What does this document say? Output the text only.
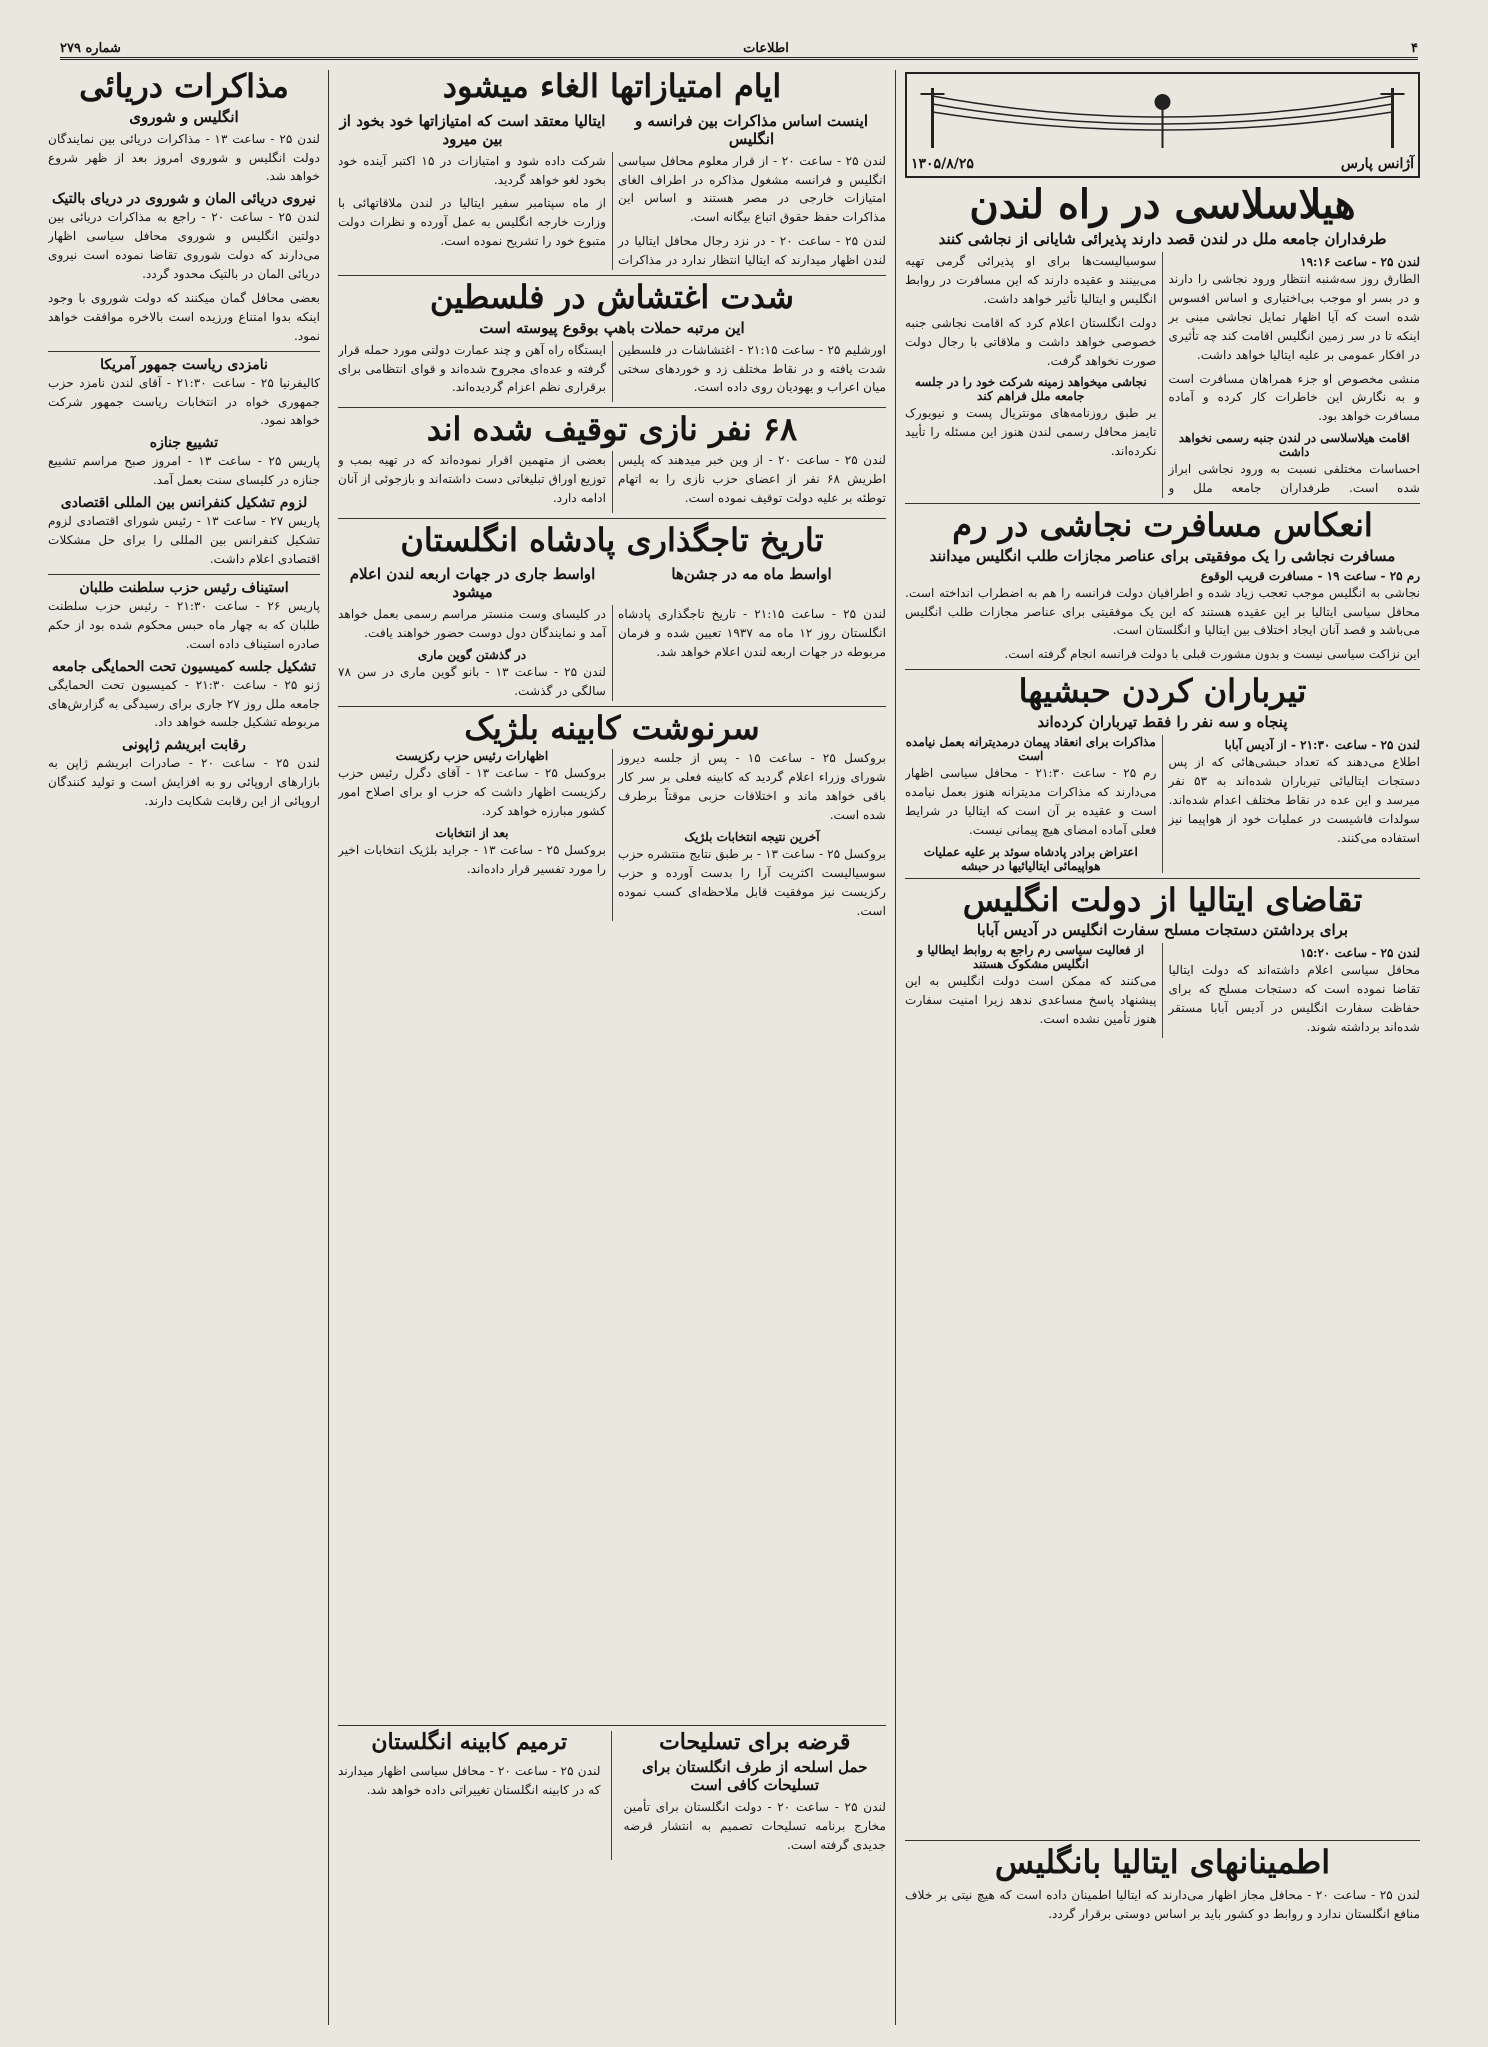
۴
اطلاعات
شماره ۲۷۹
آژانس پارس
۱۳۰۵/۸/۲۵
هیلاسلاسی در راه لندن
طرفداران جامعه ملل در لندن قصد دارند پذیرائی شایانی از نجاشی کنند
لندن ۲۵ - ساعت ۱۹:۱۶
الطارق روز سه‌شنبه انتظار ورود نجاشی را دارند و در بسر او موجب بی‌اختیاری و اساس افسوس شده است که آیا اظهار تمایل نجاشی مبنی بر اینکه تا در سر زمین انگلیس اقامت کند چه تأثیری در افکار عمومی بر علیه ایتالیا خواهد داشت.
منشی مخصوص او جزء همراهان مسافرت است و به نگارش این خاطرات کار کرده و آماده مسافرت خواهد بود.
اقامت هیلاسلاسی در لندن جنبه رسمی نخواهد داشت
احساسات مختلفی نسبت به ورود نجاشی ابراز شده است. طرفداران جامعه ملل و سوسیالیست‌ها برای او پذیرائی گرمی تهیه می‌بینند و عقیده دارند که این مسافرت در روابط انگلیس و ایتالیا تأثیر خواهد داشت.
دولت انگلستان اعلام کرد که اقامت نجاشی جنبه خصوصی خواهد داشت و ملاقاتی با رجال دولت صورت نخواهد گرفت.
نجاشی میخواهد زمینه شرکت خود را در جلسه جامعه ملل فراهم کند
بر طبق روزنامه‌های مونتریال پست و نیویورک تایمز محافل رسمی لندن هنوز این مسئله را تأیید نکرده‌اند.
انعکاس مسافرت نجاشی در رم
مسافرت نجاشی را یک موفقیتی برای عناصر مجازات طلب انگلیس میدانند
رم ۲۵ - ساعت ۱۹ - مسافرت قریب الوقوع
نجاشی به انگلیس موجب تعجب زیاد شده و اطرافیان دولت فرانسه را هم به اضطراب انداخته است. محافل سیاسی ایتالیا بر این عقیده هستند که این یک موفقیتی برای عناصر مجازات طلب انگلیس می‌باشد و قصد آنان ایجاد اختلاف بین ایتالیا و انگلستان است.
این نزاکت سیاسی نیست و بدون مشورت قبلی با دولت فرانسه انجام گرفته است.
تیرباران کردن حبشیها
پنجاه و سه نفر را فقط تیرباران کرده‌اند
لندن ۲۵ - ساعت ۲۱:۳۰ - از آدیس آبابا
اطلاع می‌دهند که تعداد حبشی‌هائی که از پس دستجات ایتالیائی تیرباران شده‌اند به ۵۳ نفر میرسد و این عده در نقاط مختلف اعدام شده‌اند. سولدات فاشیست در عملیات خود از هواپیما نیز استفاده می‌کنند.
مذاکرات برای انعقاد پیمان درمدیترانه بعمل نیامده است
رم ۲۵ - ساعت ۲۱:۳۰ - محافل سیاسی اظهار می‌دارند که مذاکرات مدیترانه هنوز بعمل نیامده است و عقیده بر آن است که ایتالیا در شرایط فعلی آماده امضای هیچ پیمانی نیست.
اعتراض برادر پادشاه سوئد بر علیه عملیات هواپیمائی ایتالیائیها در حبشه
تقاضای ایتالیا از دولت انگلیس
برای برداشتن دستجات مسلح سفارت انگلیس در آدیس آبابا
لندن ۲۵ - ساعت ۱۵:۲۰
محافل سیاسی اعلام داشته‌اند که دولت ایتالیا تقاضا نموده است که دستجات مسلح که برای حفاظت سفارت انگلیس در آدیس آبابا مستقر شده‌اند برداشته شوند.
از فعالیت سیاسی رم راجع به روابط ایطالیا و انگلیس مشکوک هستند
می‌کنند که ممکن است دولت انگلیس به این پیشنهاد پاسخ مساعدی ندهد زیرا امنیت سفارت هنوز تأمین نشده است.
اطمینانهای ایتالیا بانگلیس
لندن ۲۵ - ساعت ۲۰ - محافل مجاز اظهار می‌دارند که ایتالیا اطمینان داده است که هیچ نیتی بر خلاف منافع انگلستان ندارد و روابط دو کشور باید بر اساس دوستی برقرار گردد.
ایام امتیازاتها الغاء میشود
اینست اساس مذاکرات بین فرانسه و انگلیس
ایتالیا معتقد است که امتیازاتها خود بخود از بین میرود
لندن ۲۵ - ساعت ۲۰ - از قرار معلوم محافل سیاسی انگلیس و فرانسه مشغول مذاکره در اطراف الغای امتیازات خارجی در مصر هستند و اساس این مذاکرات حفظ حقوق اتباع بیگانه است.
لندن ۲۵ - ساعت ۲۰ - در نزد رجال محافل ایتالیا در لندن اظهار میدارند که ایتالیا انتظار ندارد در مذاکرات شرکت داده شود و امتیازات در ۱۵ اکتبر آینده خود بخود لغو خواهد گردید.
از ماه سپتامبر سفیر ایتالیا در لندن ملاقاتهائی با وزارت خارجه انگلیس به عمل آورده و نظرات دولت متبوع خود را تشریح نموده است.
شدت اغتشاش در فلسطین
این مرتبه حملات باهپ بوقوع پیوسته است
اورشلیم ۲۵ - ساعت ۲۱:۱۵ - اغتشاشات در فلسطین شدت یافته و در نقاط مختلف زد و خوردهای سختی میان اعراب و یهودیان روی داده است.
ایستگاه راه آهن و چند عمارت دولتی مورد حمله قرار گرفته و عده‌ای مجروح شده‌اند و قوای انتظامی برای برقراری نظم اعزام گردیده‌اند.
۶۸ نفر نازی توقیف شده اند
لندن ۲۵ - ساعت ۲۰ - از وین خبر میدهند که پلیس اطریش ۶۸ نفر از اعضای حزب نازی را به اتهام توطئه بر علیه دولت توقیف نموده است.
بعضی از متهمین اقرار نموده‌اند که در تهیه بمب و توزیع اوراق تبلیغاتی دست داشته‌اند و بازجوئی از آنان ادامه دارد.
تاریخ تاجگذاری پادشاه انگلستان
اواسط ماه مه در جشن‌ها
اواسط جاری در جهات اربعه لندن اعلام میشود
لندن ۲۵ - ساعت ۲۱:۱۵ - تاریخ تاجگذاری پادشاه انگلستان روز ۱۲ ماه مه ۱۹۳۷ تعیین شده و فرمان مربوطه در جهات اربعه لندن اعلام خواهد شد.
در کلیسای وست منستر مراسم رسمی بعمل خواهد آمد و نمایندگان دول دوست حضور خواهند یافت.
در گذشتن گوین ماری
لندن ۲۵ - ساعت ۱۳ - بانو گوین ماری در سن ۷۸ سالگی در گذشت.
سرنوشت کابینه بلژیک
بروکسل ۲۵ - ساعت ۱۵ - پس از جلسه دیروز شورای وزراء اعلام گردید که کابینه فعلی بر سر کار باقی خواهد ماند و اختلافات حزبی موقتاً برطرف شده است.
آخرین نتیجه انتخابات بلژیک
بروکسل ۲۵ - ساعت ۱۳ - بر طبق نتایج منتشره حزب سوسیالیست اکثریت آرا را بدست آورده و حزب رکزیست نیز موفقیت قابل ملاحظه‌ای کسب نموده است.
اظهارات رئیس حزب رکزیست
بروکسل ۲۵ - ساعت ۱۳ - آقای دگرل رئیس حزب رکزیست اظهار داشت که حزب او برای اصلاح امور کشور مبارزه خواهد کرد.
بعد از انتخابات
بروکسل ۲۵ - ساعت ۱۳ - جراید بلژیک انتخابات اخیر را مورد تفسیر قرار داده‌اند.
قرضه برای تسلیحات
حمل اسلحه از طرف انگلستان برای تسلیحات کافی است
لندن ۲۵ - ساعت ۲۰ - دولت انگلستان برای تأمین مخارج برنامه تسلیحات تصمیم به انتشار قرضه جدیدی گرفته است.
ترمیم کابینه انگلستان
لندن ۲۵ - ساعت ۲۰ - محافل سیاسی اظهار میدارند که در کابینه انگلستان تغییراتی داده خواهد شد.
مذاکرات دریائی
انگلیس و شوروی
لندن ۲۵ - ساعت ۱۳ - مذاکرات دریائی بین نمایندگان دولت انگلیس و شوروی امروز بعد از ظهر شروع خواهد شد.
نیروی دریائی المان و شوروی در دریای بالتیک
لندن ۲۵ - ساعت ۲۰ - راجع به مذاکرات دریائی بین دولتین انگلیس و شوروی محافل سیاسی اظهار می‌دارند که دولت شوروی تقاضا نموده است نیروی دریائی المان در بالتیک محدود گردد.
بعضی محافل گمان میکنند که دولت شوروی با وجود اینکه بدوا امتناع ورزیده است بالاخره موافقت خواهد نمود.
نامزدی ریاست جمهور آمریکا
کالیفرنیا ۲۵ - ساعت ۲۱:۳۰ - آقای لندن نامزد حزب جمهوری خواه در انتخابات ریاست جمهور شرکت خواهد نمود.
تشییع جنازه
پاریس ۲۵ - ساعت ۱۳ - امروز صبح مراسم تشییع جنازه در کلیسای سنت بعمل آمد.
لزوم تشکیل کنفرانس بین المللی اقتصادی
پاریس ۲۷ - ساعت ۱۳ - رئیس شورای اقتصادی لزوم تشکیل کنفرانس بین المللی را برای حل مشکلات اقتصادی اعلام داشت.
استیناف رئیس حزب سلطنت طلبان
پاریس ۲۶ - ساعت ۲۱:۳۰ - رئیس حزب سلطنت طلبان که به چهار ماه حبس محکوم شده بود از حکم صادره استیناف داده است.
تشکیل جلسه کمیسیون تحت الحمایگی جامعه
ژنو ۲۵ - ساعت ۲۱:۳۰ - کمیسیون تحت الحمایگی جامعه ملل روز ۲۷ جاری برای رسیدگی به گزارش‌های مربوطه تشکیل جلسه خواهد داد.
رقابت ابریشم ژاپونی
لندن ۲۵ - ساعت ۲۰ - صادرات ابریشم ژاپن به بازارهای اروپائی رو به افزایش است و تولید کنندگان اروپائی از این رقابت شکایت دارند.
